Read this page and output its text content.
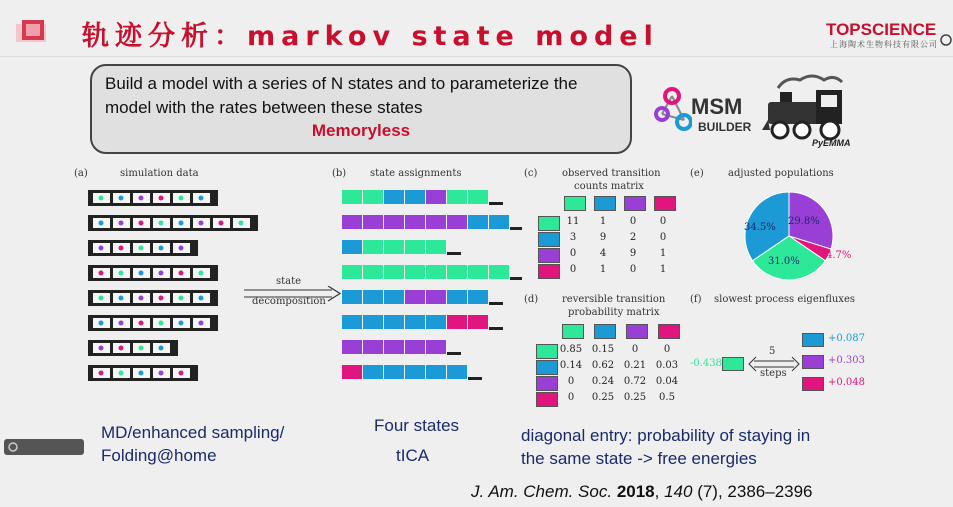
轨迹分析：markov state model	TOPSCIENCE
上海陶术生物科技有限公司
Build a model with a series of N states and to parameterize the
model with the rates between these states
Memoryless
MSM
BUILDER
PyEMMA
(a)	simulation data	(b) state assignments	(c) observed transition
counts matrix
(e) adjusted populations
(d) reversible transition
probability matrix
(f) slowest process eigenfluxes
state
decomposition
11	1	0	0
3	9	2	0
0	4	9	1
0	1	0	1
0.85 0.15	0	0
0.14 0.62 0.21 0.03
0	0.24 0.72 0.04
0	0.25 0.25	0.5
34.5%
29.8%
4.7%
31.0%
-0.438
5
steps
+0.087
+0.303
+0.048
MD/enhanced sampling/
Folding@home
Four states
tICA
diagonal entry: probability of staying in
the same state -> free energies
J. Am. Chem. Soc. 2018, 140 (7), 2386–2396
